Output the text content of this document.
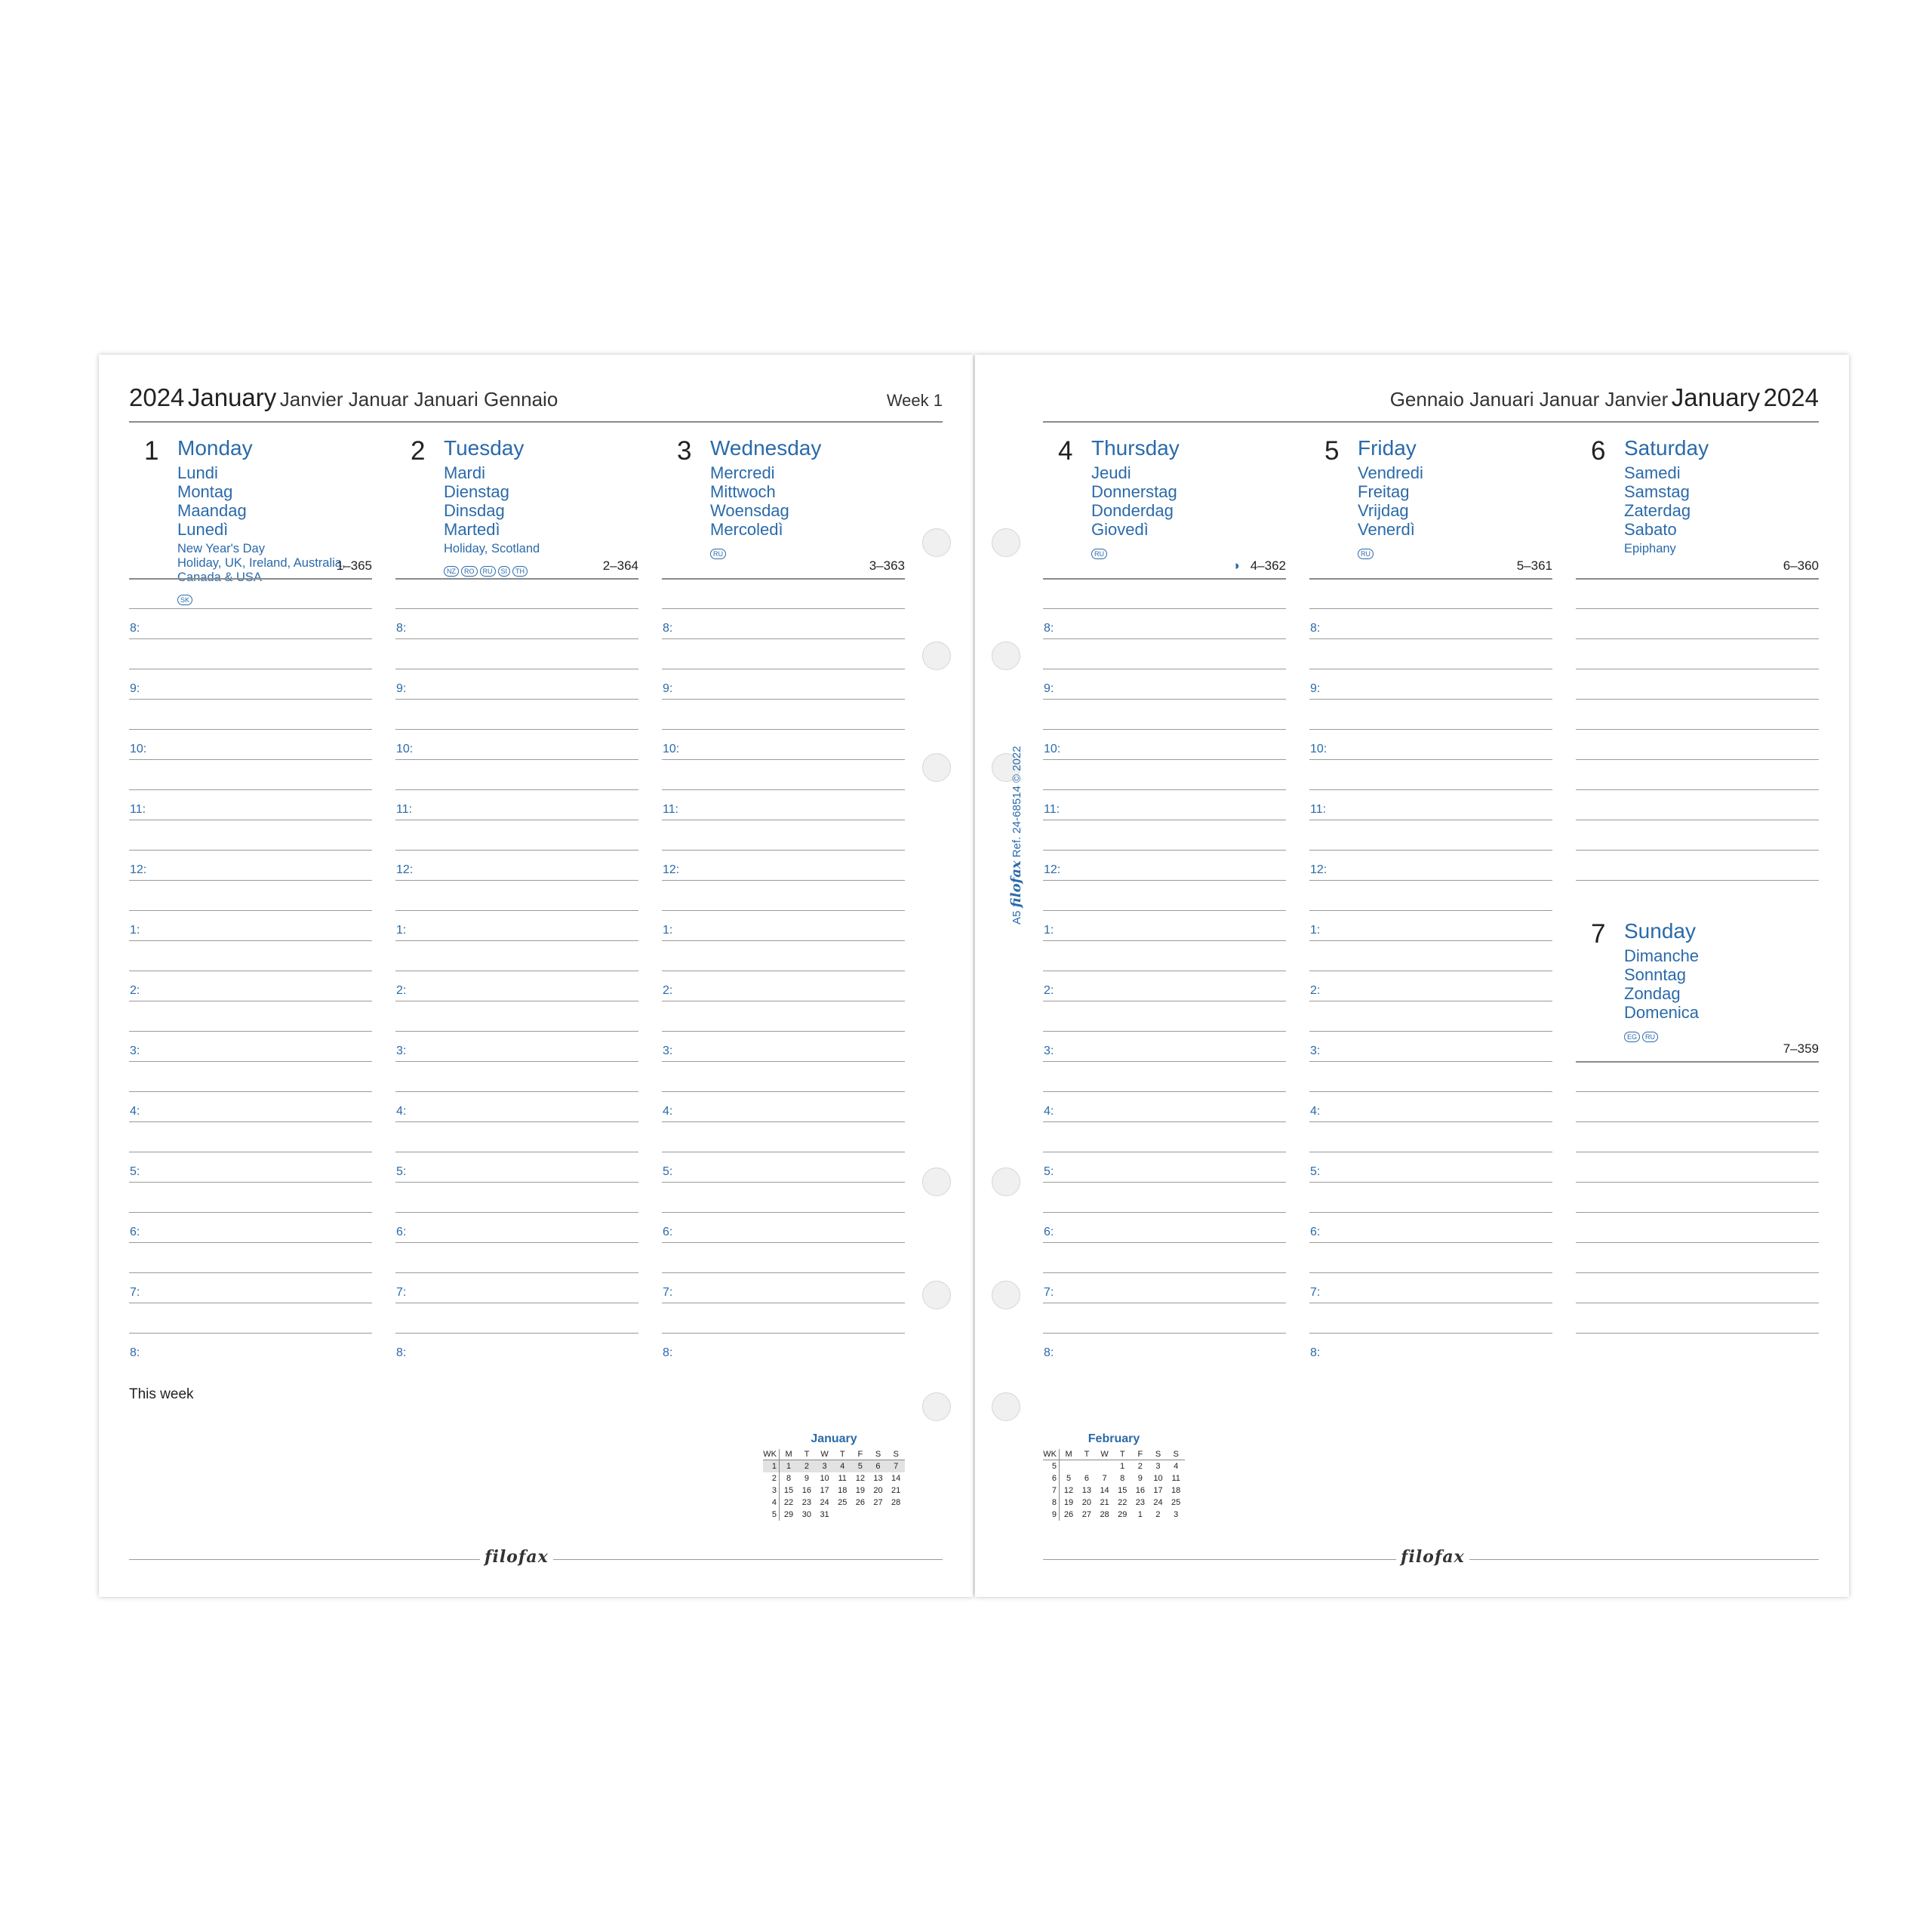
2024 January Janvier Januar Januari Gennaio	Week 1
1 Monday
Lundi
Montag
Maandag
Lunedì
New Year's Day
Holiday, UK, Ireland, Australia,
Canada & USA
SK
1–365
8:
9:
10:
11:
12:
1:
2:
3:
4:
5:
6:
7:
8:
2 Tuesday
Mardi
Dienstag
Dinsdag
Martedì
Holiday, Scotland
NZ RO RU SI TH	2–364
8:
9:
10:
11:
12:
1:
2:
3:
4:
5:
6:
7:
8:
3 Wednesday
Mercredi
Mittwoch
Woensdag
Mercoledì
RU
3–363
8:
9:
10:
11:
12:
1:
2:
3:
4:
5:
6:
7:
8:
This week
January
WK	M	T	W	T	F	S	S
1	1	2	3	4	5	6	7
2	8	9	10	11	12	13	14
3	15	16	17	18	19	20	21
4	22	23	24	25	26	27	28
5	29	30	31				
filofax
Gennaio Januari Januar Janvier January 2024
4 Thursday
Jeudi
Donnerstag
Donderdag
Giovedì
RU
◑ 4–362
8:
9:
10:
11:
12:
1:
2:
3:
4:
5:
6:
7:
8:
5 Friday
Vendredi
Freitag
Vrijdag
Venerdì
RU
5–361
8:
9:
10:
11:
12:
1:
2:
3:
4:
5:
6:
7:
8:
6 Saturday
Samedi
Samstag
Zaterdag
Sabato
Epiphany
6–360
7 Sunday
Dimanche
Sonntag
Zondag
Domenica
EG RU
7–359
February
WK	M	T	W	T	F	S	S
5				1	2	3	4
6	5	6	7	8	9	10	11
7	12	13	14	15	16	17	18
8	19	20	21	22	23	24	25
9	26	27	28	29	1	2	3
filofax
A5 filofax Ref. 24-68514 © 2022
